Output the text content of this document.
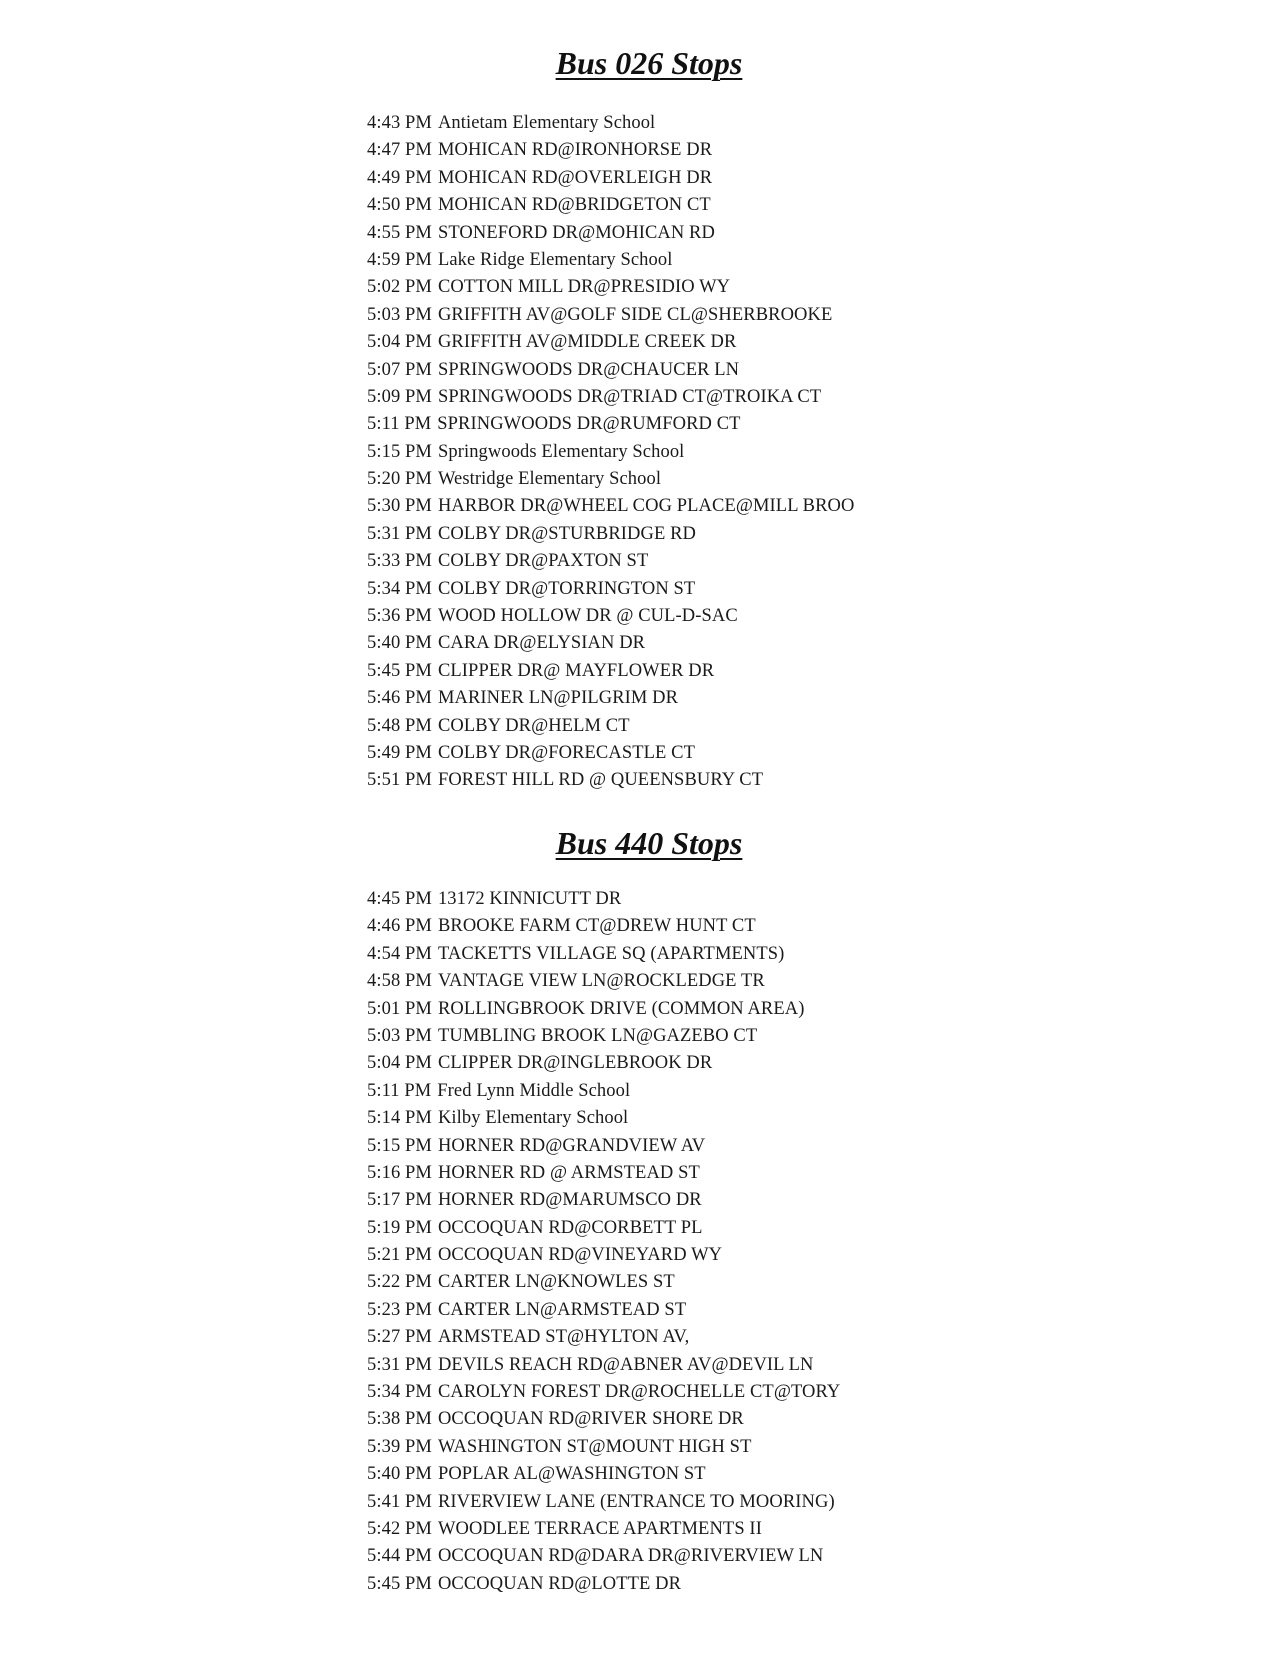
Bus 026 Stops
4:43 PM Antietam Elementary School
4:47 PM MOHICAN RD@IRONHORSE DR
4:49 PM MOHICAN RD@OVERLEIGH DR
4:50 PM MOHICAN RD@BRIDGETON CT
4:55 PM STONEFORD DR@MOHICAN RD
4:59 PM Lake Ridge Elementary School
5:02 PM COTTON MILL DR@PRESIDIO WY
5:03 PM GRIFFITH AV@GOLF SIDE CL@SHERBROOKE
5:04 PM GRIFFITH AV@MIDDLE CREEK DR
5:07 PM SPRINGWOODS DR@CHAUCER LN
5:09 PM SPRINGWOODS DR@TRIAD CT@TROIKA CT
5:11 PM SPRINGWOODS DR@RUMFORD CT
5:15 PM Springwoods Elementary School
5:20 PM Westridge Elementary School
5:30 PM HARBOR DR@WHEEL COG PLACE@MILL BROO
5:31 PM COLBY DR@STURBRIDGE RD
5:33 PM COLBY DR@PAXTON ST
5:34 PM COLBY DR@TORRINGTON ST
5:36 PM WOOD HOLLOW DR @ CUL-D-SAC
5:40 PM CARA DR@ELYSIAN DR
5:45 PM CLIPPER DR@ MAYFLOWER DR
5:46 PM MARINER LN@PILGRIM DR
5:48 PM COLBY DR@HELM CT
5:49 PM COLBY DR@FORECASTLE CT
5:51 PM FOREST HILL RD @ QUEENSBURY CT
Bus 440 Stops
4:45 PM 13172 KINNICUTT DR
4:46 PM BROOKE FARM CT@DREW HUNT CT
4:54 PM TACKETTS VILLAGE SQ (APARTMENTS)
4:58 PM VANTAGE VIEW LN@ROCKLEDGE TR
5:01 PM ROLLINGBROOK DRIVE (COMMON AREA)
5:03 PM TUMBLING BROOK LN@GAZEBO CT
5:04 PM CLIPPER DR@INGLEBROOK DR
5:11 PM Fred Lynn Middle School
5:14 PM Kilby Elementary School
5:15 PM HORNER RD@GRANDVIEW AV
5:16 PM HORNER RD @ ARMSTEAD ST
5:17 PM HORNER RD@MARUMSCO DR
5:19 PM OCCOQUAN RD@CORBETT PL
5:21 PM OCCOQUAN RD@VINEYARD WY
5:22 PM CARTER LN@KNOWLES ST
5:23 PM CARTER LN@ARMSTEAD ST
5:27 PM ARMSTEAD ST@HYLTON AV,
5:31 PM DEVILS REACH RD@ABNER AV@DEVIL LN
5:34 PM CAROLYN FOREST DR@ROCHELLE CT@TORY
5:38 PM OCCOQUAN RD@RIVER SHORE DR
5:39 PM WASHINGTON ST@MOUNT HIGH ST
5:40 PM POPLAR AL@WASHINGTON ST
5:41 PM RIVERVIEW LANE (ENTRANCE TO MOORING)
5:42 PM WOODLEE TERRACE APARTMENTS II
5:44 PM OCCOQUAN RD@DARA DR@RIVERVIEW LN
5:45 PM OCCOQUAN RD@LOTTE DR
